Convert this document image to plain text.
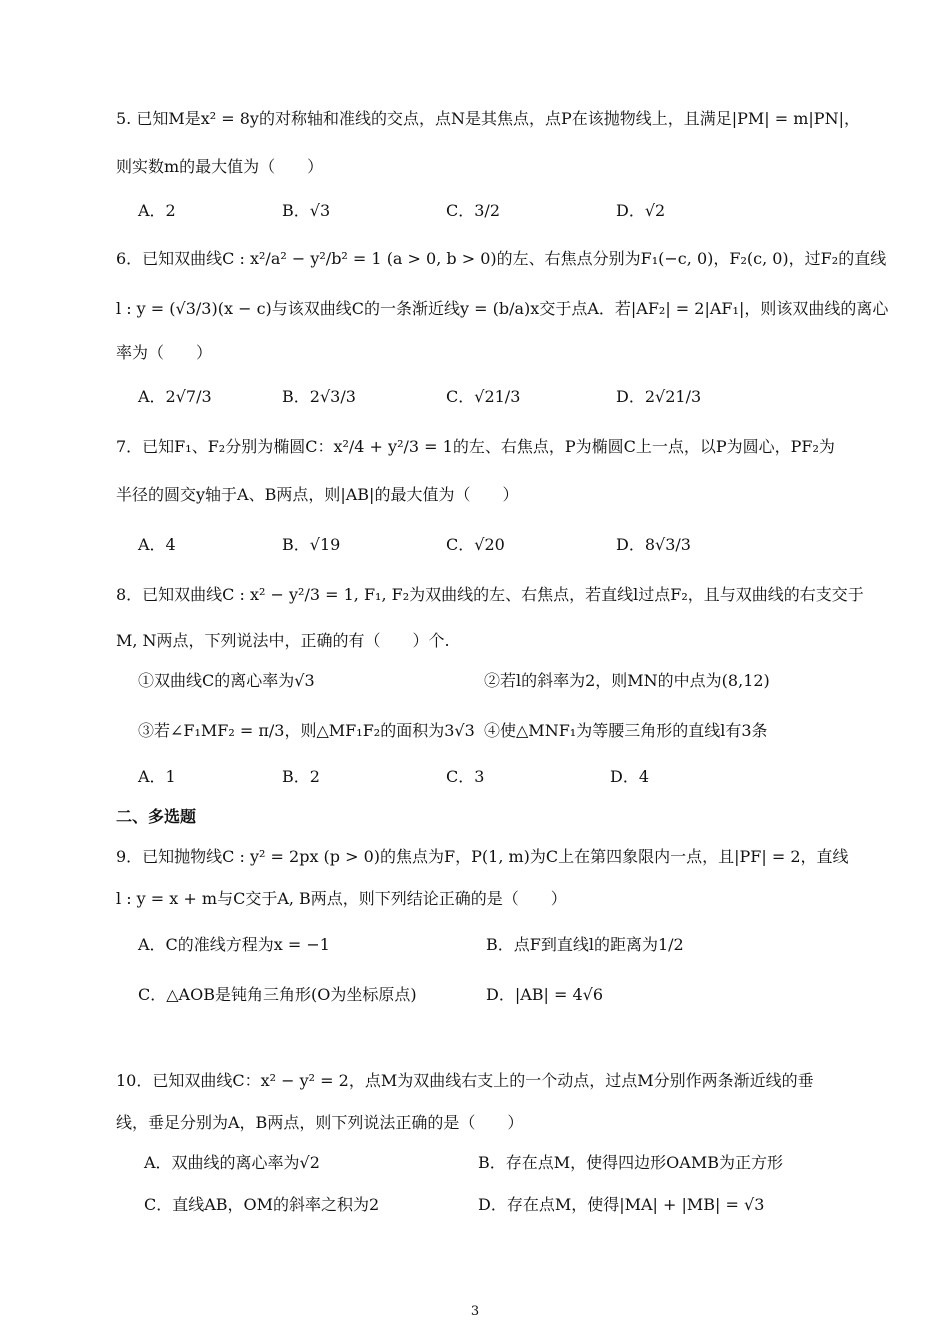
5. 已知M是x² = 8y的对称轴和准线的交点，点N是其焦点，点P在该抛物线上，且满足|PM| = m|PN|，
则实数m的最大值为（　　）
A．2	B．√3	C．3/2	D．√2
6．已知双曲线C : x²/a² − y²/b² = 1 (a > 0, b > 0)的左、右焦点分别为F₁(−c, 0)，F₂(c, 0)，过F₂的直线
l : y = (√3/3)(x − c)与该双曲线C的一条渐近线y = (b/a)x交于点A．若|AF₂| = 2|AF₁|，则该双曲线的离心
率为（　　）
A．2√7/3	B．2√3/3	C．√21/3	D．2√21/3
7．已知F₁、F₂分别为椭圆C：x²/4 + y²/3 = 1的左、右焦点，P为椭圆C上一点，以P为圆心，PF₂为
半径的圆交y轴于A、B两点，则|AB|的最大值为（　　）
A．4	B．√19	C．√20	D．8√3/3
8．已知双曲线C : x² − y²/3 = 1, F₁, F₂为双曲线的左、右焦点，若直线l过点F₂，且与双曲线的右支交于
M, N两点，下列说法中，正确的有（　　）个.
①双曲线C的离心率为√3	②若l的斜率为2，则MN的中点为(8,12)
③若∠F₁MF₂ = π/3，则△MF₁F₂的面积为3√3 ④使△MNF₁为等腰三角形的直线l有3条
A．1	B．2	C．3	D．4
二、多选题
9．已知抛物线C : y² = 2px (p > 0)的焦点为F，P(1, m)为C上在第四象限内一点，且|PF| = 2，直线
l : y = x + m与C交于A, B两点，则下列结论正确的是（　　）
A．C的准线方程为x = −1	B．点F到直线l的距离为1/2
C．△AOB是钝角三角形(O为坐标原点)	D．|AB| = 4√6
10．已知双曲线C：x² − y² = 2，点M为双曲线右支上的一个动点，过点M分别作两条渐近线的垂
线，垂足分别为A，B两点，则下列说法正确的是（　　）
A．双曲线的离心率为√2	B．存在点M，使得四边形OAMB为正方形
C．直线AB，OM的斜率之积为2	D．存在点M，使得|MA| + |MB| = √3
3
